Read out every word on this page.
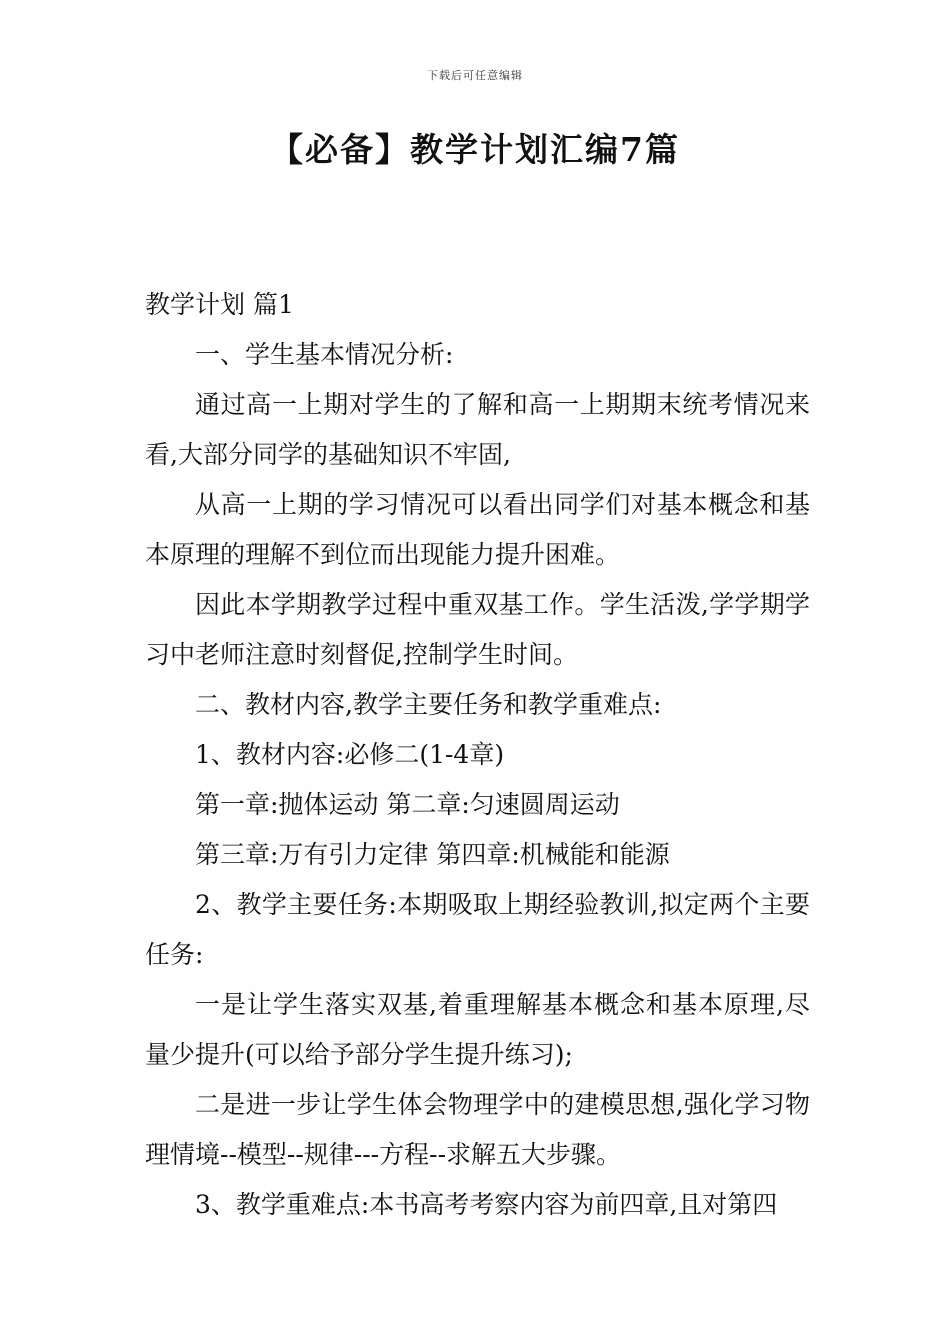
下载后可任意编辑
【必备】教学计划汇编7篇

教学计划 篇1

一、学生基本情况分析:

通过高一上期对学生的了解和高一上期期末统考情况来看,大部分同学的基础知识不牢固,

从高一上期的学习情况可以看出同学们对基本概念和基本原理的理解不到位而出现能力提升困难。

因此本学期教学过程中重双基工作。学生活泼,学学期学习中老师注意时刻督促,控制学生时间。

二、教材内容,教学主要任务和教学重难点:

1、教材内容:必修二(1-4章)

第一章:抛体运动 第二章:匀速圆周运动

第三章:万有引力定律 第四章:机械能和能源

2、教学主要任务:本期吸取上期经验教训,拟定两个主要任务:

一是让学生落实双基,着重理解基本概念和基本原理,尽量少提升(可以给予部分学生提升练习);

二是进一步让学生体会物理学中的建模思想,强化学习物理情境--模型--规律---方程--求解五大步骤。

3、教学重难点:本书高考考察内容为前四章,且对第四
